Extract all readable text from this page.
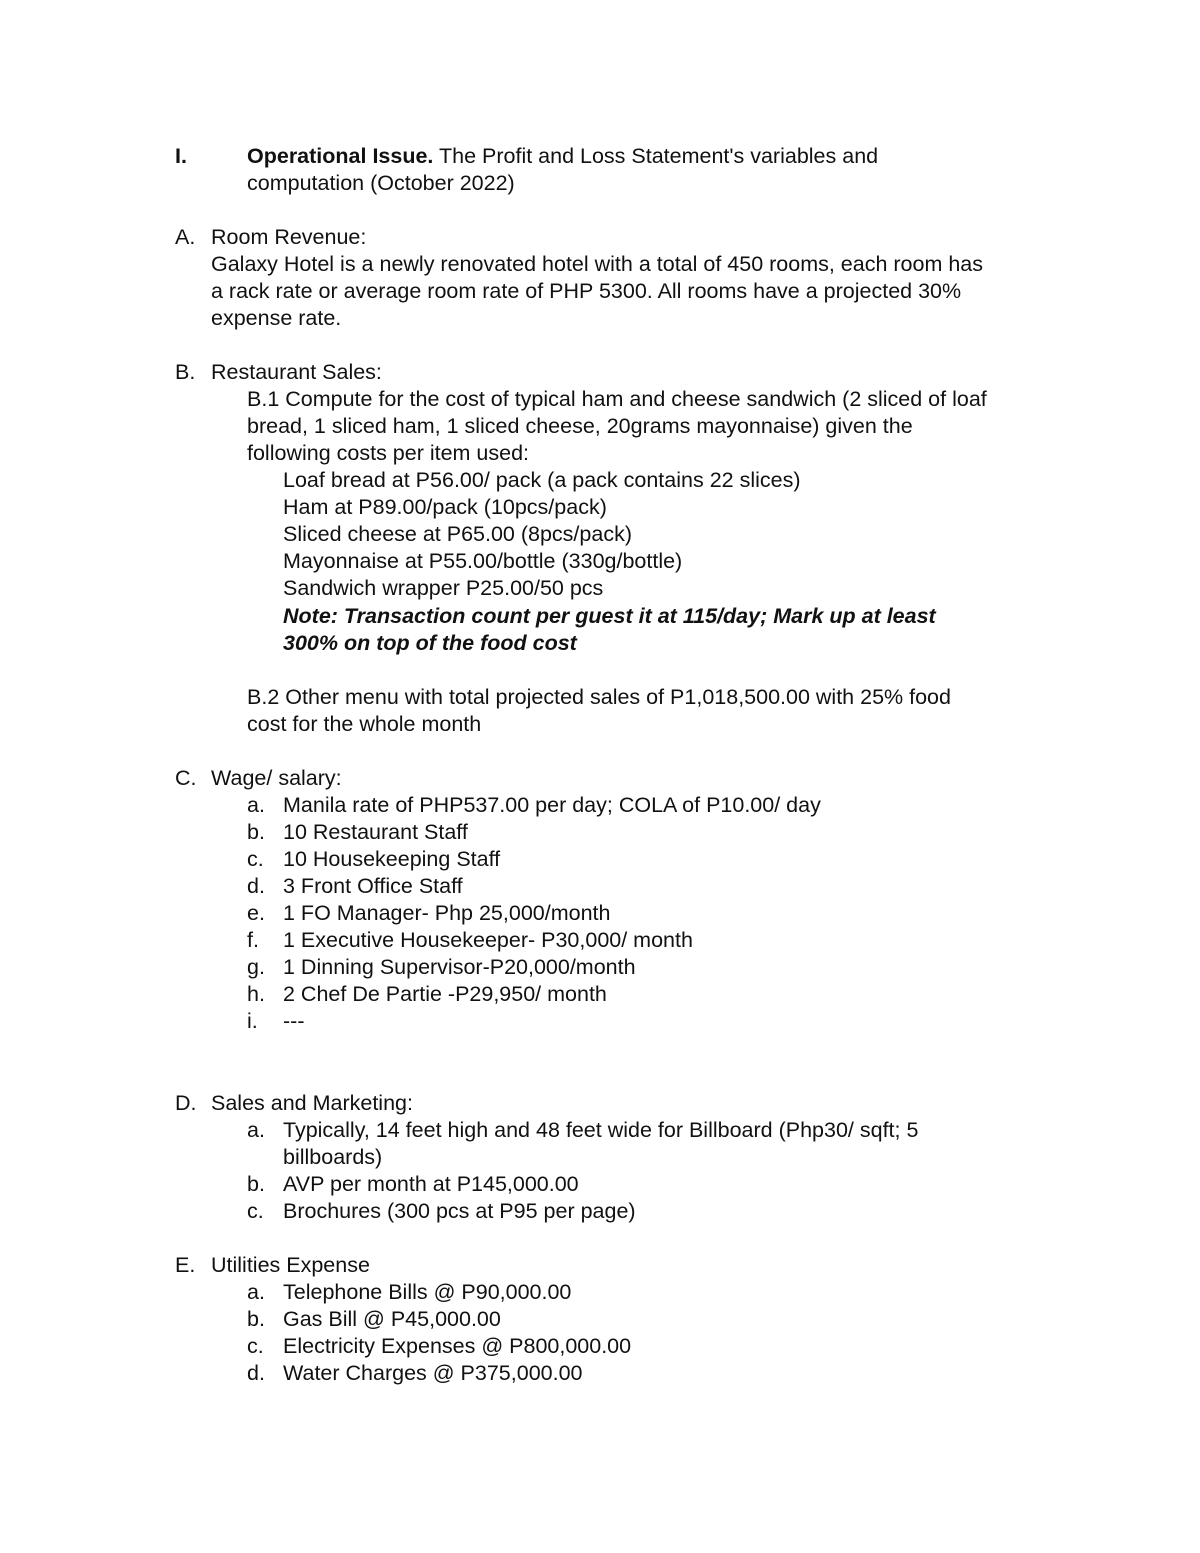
I.	Operational Issue. The Profit and Loss Statement's variables and
computation (October 2022)
A. Room Revenue:
Galaxy Hotel is a newly renovated hotel with a total of 450 rooms, each room has
a rack rate or average room rate of PHP 5300. All rooms have a projected 30%
expense rate.
B. Restaurant Sales:
B.1 Compute for the cost of typical ham and cheese sandwich (2 sliced of loaf
bread, 1 sliced ham, 1 sliced cheese, 20grams mayonnaise) given the
following costs per item used:
Loaf bread at P56.00/ pack (a pack contains 22 slices)
Ham at P89.00/pack (10pcs/pack)
Sliced cheese at P65.00 (8pcs/pack)
Mayonnaise at P55.00/bottle (330g/bottle)
Sandwich wrapper P25.00/50 pcs
Note: Transaction count per guest it at 115/day; Mark up at least
300% on top of the food cost
B.2 Other menu with total projected sales of P1,018,500.00 with 25% food
cost for the whole month
C. Wage/ salary:
a. Manila rate of PHP537.00 per day; COLA of P10.00/ day
b. 10 Restaurant Staff
c. 10 Housekeeping Staff
d. 3 Front Office Staff
e. 1 FO Manager- Php 25,000/month
f. 1 Executive Housekeeper- P30,000/ month
g. 1 Dinning Supervisor-P20,000/month
h. 2 Chef De Partie -P29,950/ month
i. ---
D. Sales and Marketing:
a. Typically, 14 feet high and 48 feet wide for Billboard (Php30/ sqft; 5
billboards)
b. AVP per month at P145,000.00
c. Brochures (300 pcs at P95 per page)
E. Utilities Expense
a. Telephone Bills @ P90,000.00
b. Gas Bill @ P45,000.00
c. Electricity Expenses @ P800,000.00
d. Water Charges @ P375,000.00
